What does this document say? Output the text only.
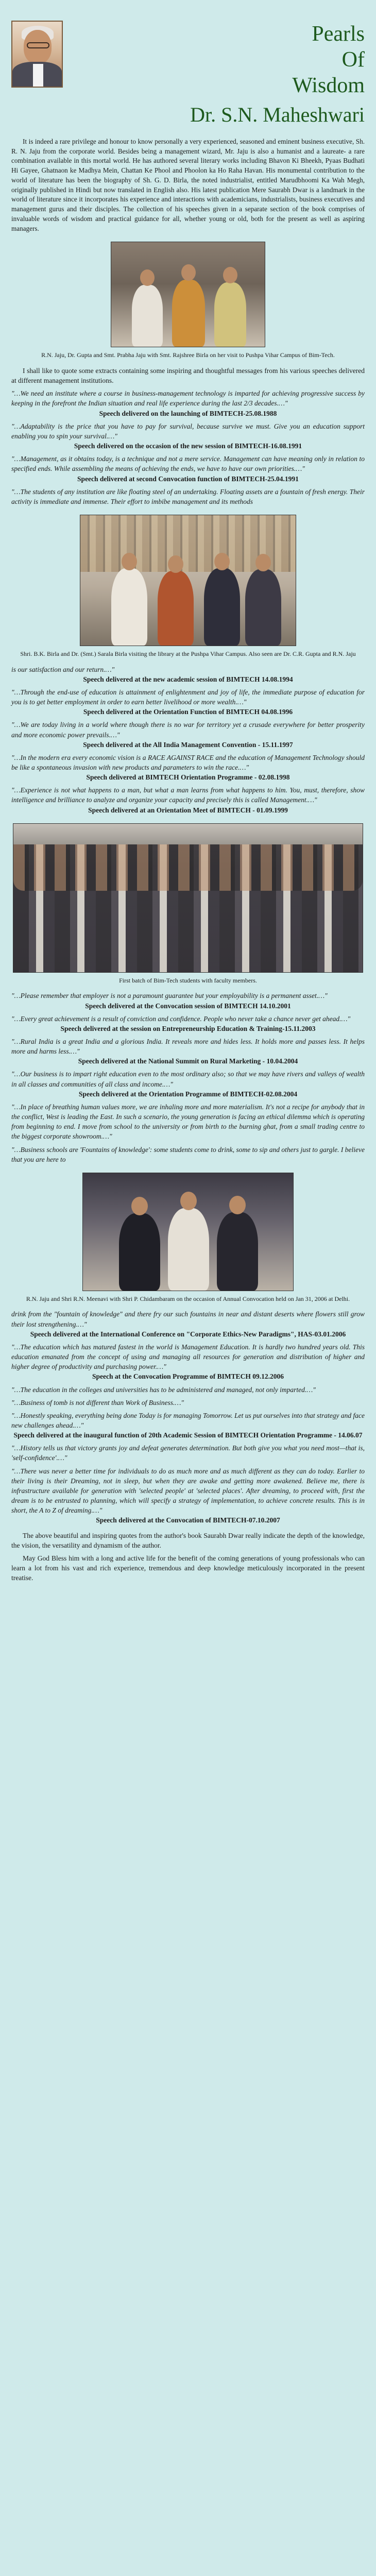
Pearls
Of
Wisdom
Dr. S.N. Maheshwari

It is indeed a rare privilege and honour to know personally a very experienced, seasoned and eminent business executive, Sh. R. N. Jaju from the corporate world. Besides being a management wizard, Mr. Jaju is also a humanist and a laureate- a rare combination available in this mortal world. He has authored several literary works including Bhavon Ki Bheekh, Pyaas Budhati Hi Gayee, Ghatnaon ke Madhya Mein, Chattan Ke Phool and Phoolon ka Ho Raha Havan. His monumental contribution to the world of literature has been the biography of Sh. G. D. Birla, the noted industrialist, entitled Marudbhoomi Ka Wah Megh, originally published in Hindi but now translated in English also. His latest publication Mere Saurabh Dwar is a landmark in the world of literature since it incorporates his experience and interactions with academicians, industrialists, business executives and management gurus and their disciples. The collection of his speeches given in a separate section of the book comprises of invaluable words of wisdom and practical guidance for all, whether young or old, both for the present as well as aspiring managers.

R.N. Jaju, Dr. Gupta and Smt. Prabha Jaju with Smt. Rajshree Birla on her visit to Pushpa Vihar Campus of Bim-Tech.

I shall like to quote some extracts containing some inspiring and thoughtful messages from his various speeches delivered at different management institutions.

"…We need an institute where a course in business-management technology is imparted for achieving progressive success by keeping in the forefront the Indian situation and real life experience during the last 2/3 decades.…"

Speech delivered on the launching of BIMTECH-25.08.1988

"…Adaptability is the price that you have to pay for survival, because survive we must. Give you an education support enabling you to spin your survival.…"

Speech delivered on the occasion of the new session of BIMTECH-16.08.1991

"…Management, as it obtains today, is a technique and not a mere service. Management can have meaning only in relation to specified ends. While assembling the means of achieving the ends, we have to have our own priorities.…"

Speech delivered at second Convocation function of BIMTECH-25.04.1991

"…The students of any institution are like floating steel of an undertaking. Floating assets are a fountain of fresh energy. Their activity is immediate and immense. Their effort to imbibe management and its methods

Shri. B.K. Birla and Dr. (Smt.) Sarala Birla visiting the library at the Pushpa Vihar Campus. Also seen are Dr. C.R. Gupta and R.N. Jaju

is our satisfaction and our return.…"

Speech delivered at the new academic session of BIMTECH 14.08.1994

"…Through the end-use of education is attainment of enlightenment and joy of life, the immediate purpose of education for you is to get better employment in order to earn better livelihood or more wealth.…"

Speech delivered at the Orientation Function of BIMTECH 04.08.1996

"…We are today living in a world where though there is no war for territory yet a crusade everywhere for better prosperity and more economic power prevails.…"

Speech delivered at the All India Management Convention - 15.11.1997

"…In the modern era every economic vision is a RACE AGAINST RACE and the education of Management Technology should be like a spontaneous invasion with new products and parameters to win the race.…"

Speech delivered at BIMTECH Orientation Programme - 02.08.1998

"…Experience is not what happens to a man, but what a man learns from what happens to him. You, must, therefore, show intelligence and brilliance to analyze and organize your capacity and precisely this is called Management.…"

Speech delivered at an Orientation Meet of BIMTECH - 01.09.1999

First batch of Bim-Tech students with faculty members.

"…Please remember that employer is not a paramount guarantee but your employability is a permanent asset.…"

Speech delivered at the Convocation session of BIMTECH 14.10.2001

"…Every great achievement is a result of conviction and confidence. People who never take a chance never get ahead.…"

Speech delivered at the session on Entrepreneurship Education & Training-15.11.2003

"…Rural India is a great India and a glorious India. It reveals more and hides less. It holds more and passes less. It helps more and harms less.…"

Speech delivered at the National Summit on Rural Marketing - 10.04.2004

"…Our business is to impart right education even to the most ordinary also; so that we may have rivers and valleys of wealth in all classes and communities of all class and income.…"

Speech delivered at the Orientation Programme of BIMTECH-02.08.2004

"…In place of breathing human values more, we are inhaling more and more materialism. It's not a recipe for anybody that in the conflict, West is leading the East. In such a scenario, the young generation is facing an ethical dilemma which is operating from beginning to end. I move from school to the university or from birth to the burning ghat, from a small trading centre to the biggest corporate showroom.…"

"…Business schools are 'Fountains of knowledge': some students come to drink, some to sip and others just to gargle. I believe that you are here to

R.N. Jaju and Shri R.N. Meenavi with Shri P. Chidambaram on the occasion of Annual Convocation held on Jan 31, 2006 at Delhi.

drink from the "fountain of knowledge" and there fry our such fountains in near and distant deserts where flowers still grow their lost strengthening.…"

Speech delivered at the International Conference on "Corporate Ethics-New Paradigms", HAS-03.01.2006

"…The education which has matured fastest in the world is Management Education. It is hardly two hundred years old. This education emanated from the concept of using and managing all resources for generation and distribution of higher and higher degree of productivity and purchasing power.…"

Speech at the Convocation Programme of BIMTECH 09.12.2006

"…The education in the colleges and universities has to be administered and managed, not only imparted.…"

"…Business of tomb is not different than Work of Business.…"

"…Honestly speaking, everything being done Today is for managing Tomorrow. Let us put ourselves into that strategy and face new challenges ahead.…"

Speech delivered at the inaugural function of 20th Academic Session of BIMTECH Orientation Programme - 14.06.07

"…History tells us that victory grants joy and defeat generates determination. But both give you what you need most—that is, 'self-confidence'.…"

"…There was never a better time for individuals to do as much more and as much different as they can do today. Earlier to their living is their Dreaming, not in sleep, but when they are awake and getting more awakened. Believe me, there is infrastructure available for generation with 'selected people' at 'selected places'. After dreaming, to proceed with, first the dream is to be entrusted to planning, which will specify a strategy of implementation, to achieve concrete results. This is in short, the A to Z of dreaming.…"

Speech delivered at the Convocation of BIMTECH-07.10.2007

The above beautiful and inspiring quotes from the author's book Saurabh Dwar really indicate the depth of the knowledge, the vision, the versatility and dynamism of the author.

May God Bless him with a long and active life for the benefit of the coming generations of young professionals who can learn a lot from his vast and rich experience, tremendous and deep knowledge meticulously incorporated in the present treatise.
